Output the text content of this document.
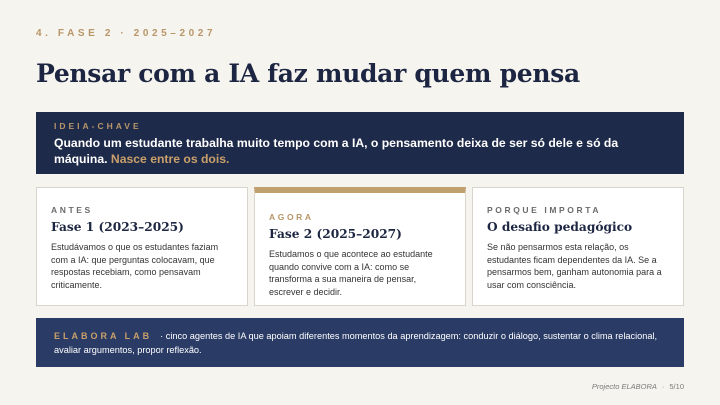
4. FASE 2 · 2025–2027
Pensar com a IA faz mudar quem pensa
IDEIA-CHAVE
Quando um estudante trabalha muito tempo com a IA, o pensamento deixa de ser só dele e só da máquina. Nasce entre os dois.
ANTES
Fase 1 (2023–2025)
Estudávamos o que os estudantes faziam com a IA: que perguntas colocavam, que respostas recebiam, como pensavam criticamente.
AGORA
Fase 2 (2025–2027)
Estudamos o que acontece ao estudante quando convive com a IA: como se transforma a sua maneira de pensar, escrever e decidir.
PORQUE IMPORTA
O desafio pedagógico
Se não pensarmos esta relação, os estudantes ficam dependentes da IA. Se a pensarmos bem, ganham autonomia para a usar com consciência.
ELABORA LAB · cinco agentes de IA que apoiam diferentes momentos da aprendizagem: conduzir o diálogo, sustentar o clima relacional, avaliar argumentos, propor reflexão.
Projecto ELABORA · 5/10
